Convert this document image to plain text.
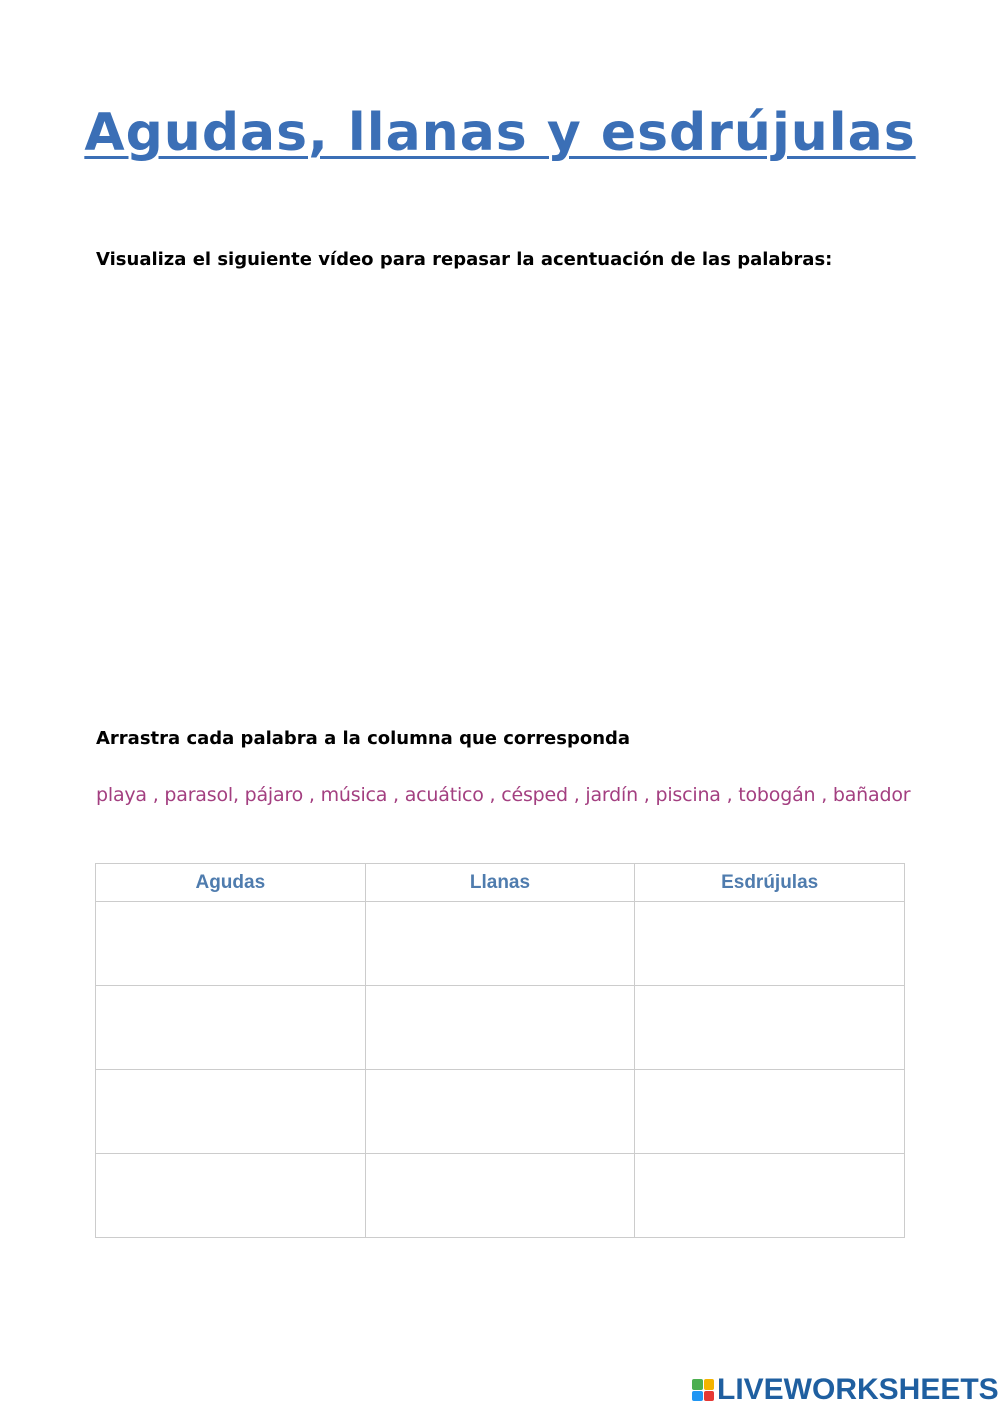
Agudas, llanas y esdrújulas
Visualiza el siguiente vídeo para repasar la acentuación de las palabras:
Arrastra cada palabra a la columna que corresponda
playa , parasol, pájaro , música , acuático , césped , jardín , piscina , tobogán , bañador
Agudas	Llanas	Esdrújulas

LIVEWORKSHEETS
